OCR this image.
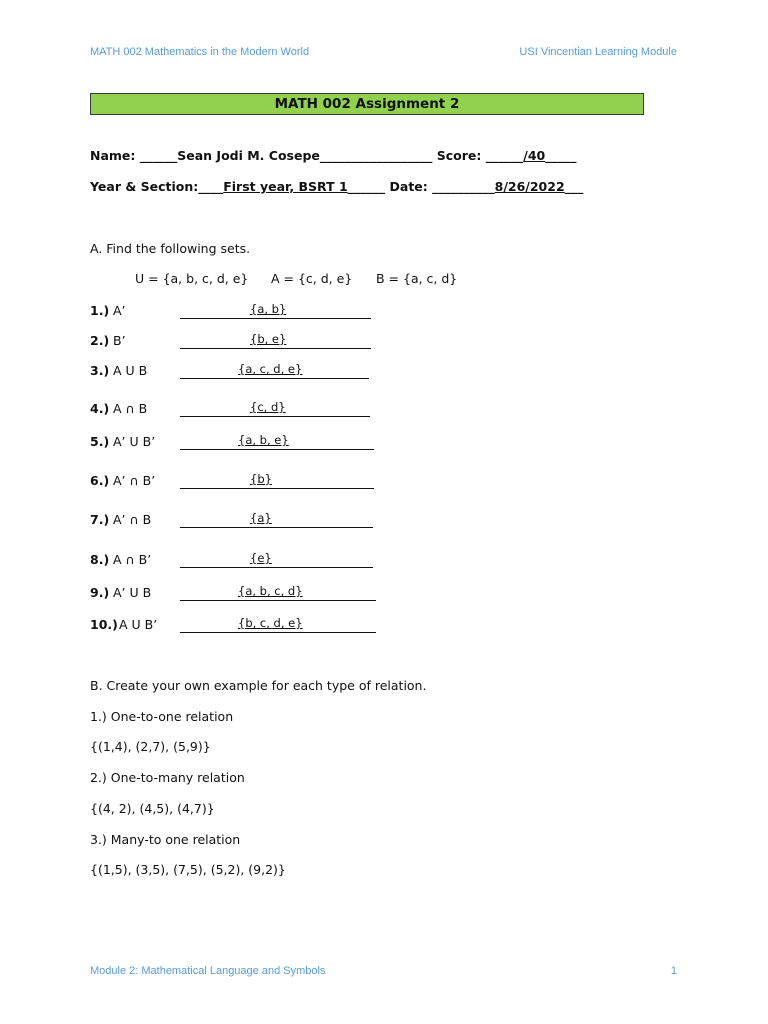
MATH 002 Mathematics in the Modern World	USI Vincentian Learning Module
MATH 002 Assignment 2
Name: ______Sean Jodi M. Cosepe__________________ Score: ______/40_____
Year & Section:____First year, BSRT 1______ Date: __________8/26/2022___
A. Find the following sets.
U = {a, b, c, d, e} A = {c, d, e} B = {a, c, d}
1.) A’	{a, b}
2.) B’	{b, e}
3.) A U B	{a, c, d, e}
4.) A ∩ B	{c, d}
5.) A’ U B’	{a, b, e}
6.) A’ ∩ B’	{b}
7.) A’ ∩ B	{a}
8.) A ∩ B’	{e}
9.) A’ U B	{a, b, c, d}
10.) A U B’	{b, c, d, e}
B. Create your own example for each type of relation.
1.) One-to-one relation
{(1,4), (2,7), (5,9)}
2.) One-to-many relation
{(4, 2), (4,5), (4,7)}
3.) Many-to one relation
{(1,5), (3,5), (7,5), (5,2), (9,2)}
Module 2: Mathematical Language and Symbols	1
